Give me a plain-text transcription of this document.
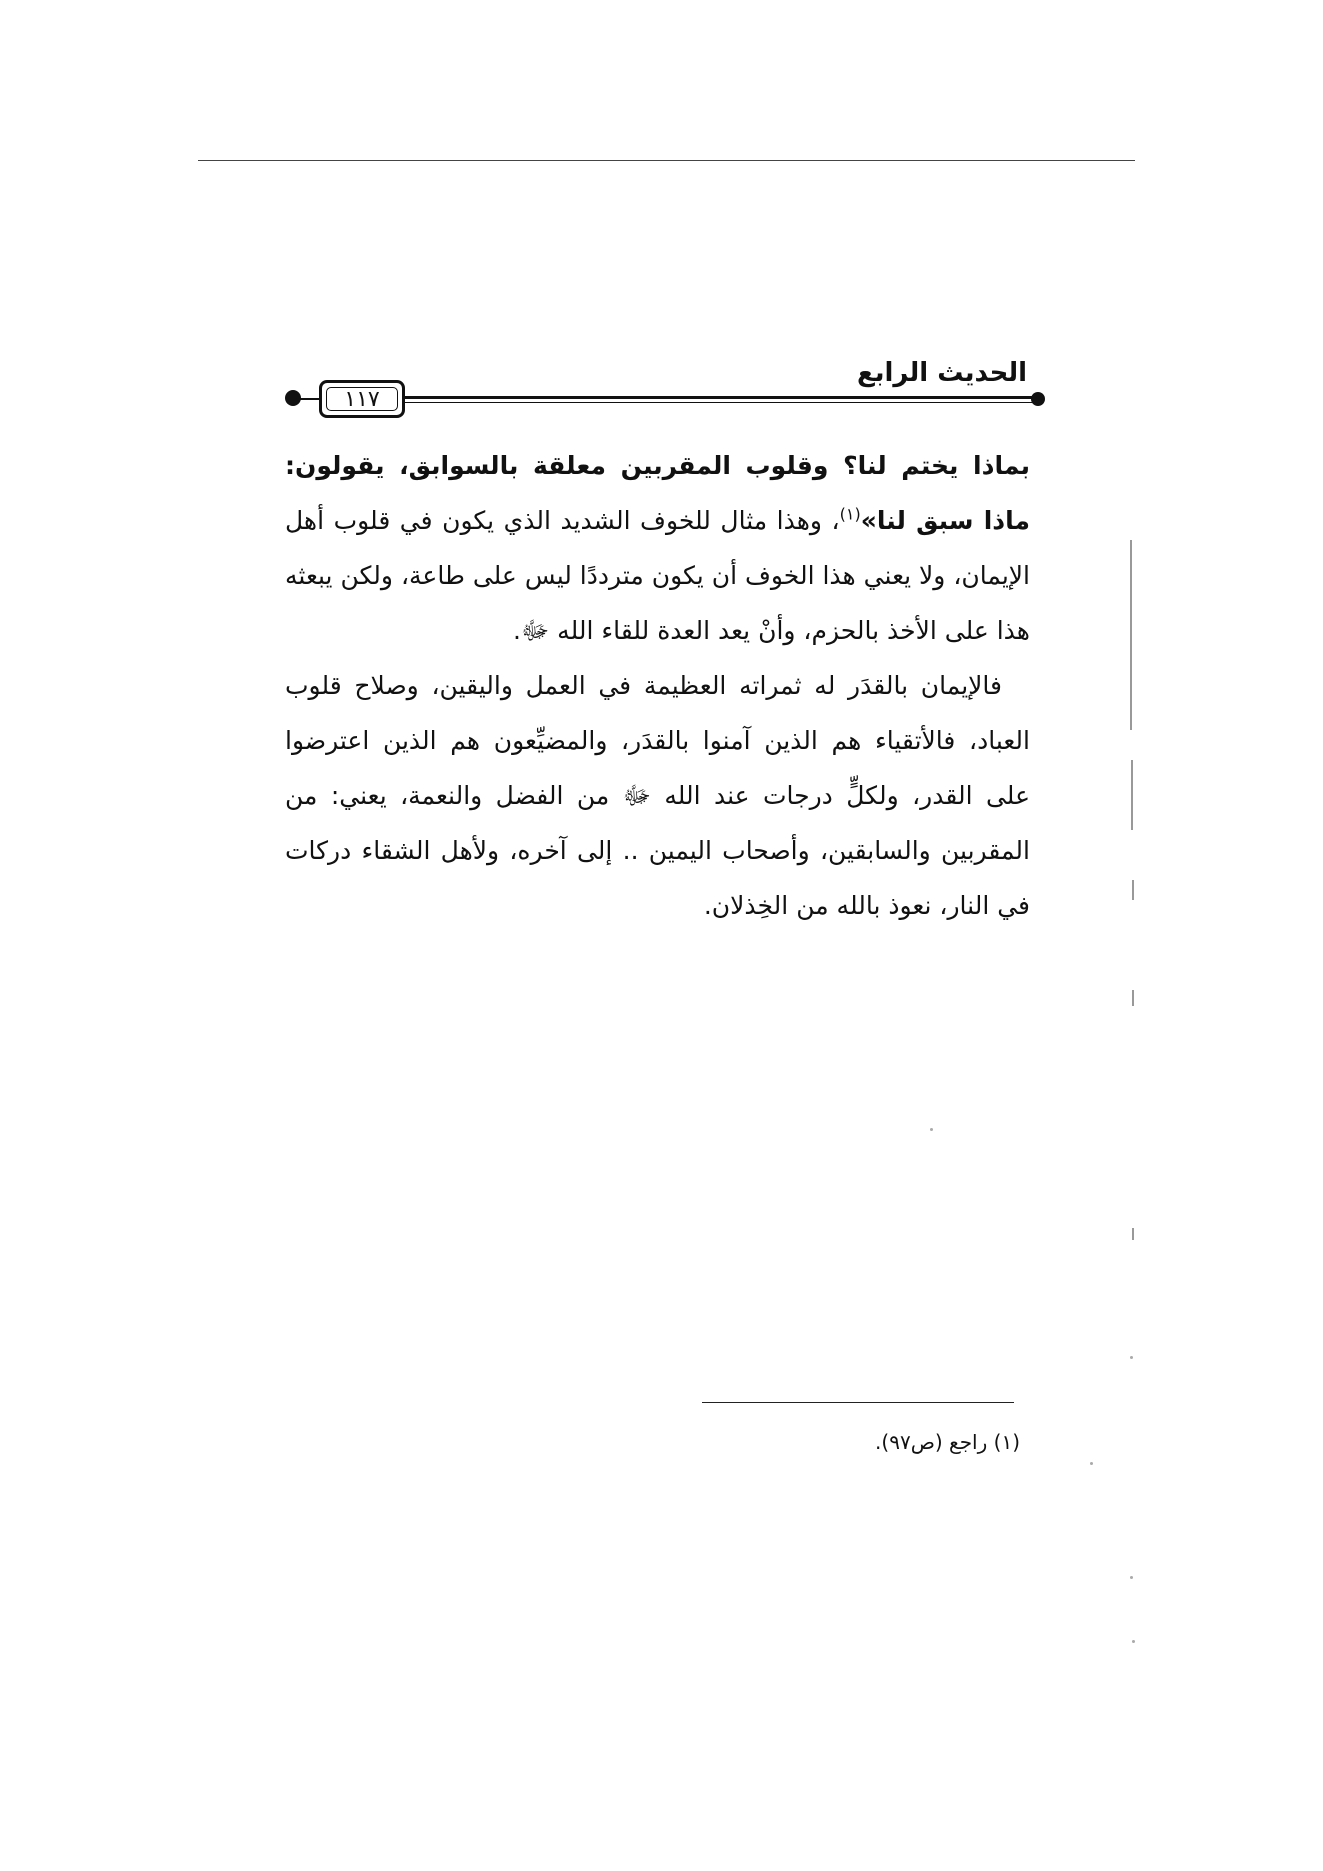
١١٧
الحديث الرابع

بماذا يختم لنا؟ وقلوب المقربين معلقة بالسوابق، يقولون: ماذا سبق لنا»$^{(١)}$، وهذا مثال للخوف الشديد الذي يكون في قلوب أهل الإيمان، ولا يعني هذا الخوف أن يكون مترددًا ليس على طاعة، ولكن يبعثه هذا على الأخذ بالحزم، وأنْ يعد العدة للقاء الله ﷻ.

فالإيمان بالقدَر له ثمراته العظيمة في العمل واليقين، وصلاح قلوب العباد، فالأتقياء هم الذين آمنوا بالقدَر، والمضيِّعون هم الذين اعترضوا على القدر، ولكلٍّ درجات عند الله ﷻ من الفضل والنعمة، يعني: من المقربين والسابقين، وأصحاب اليمين .. إلى آخره، ولأهل الشقاء دركات في النار، نعوذ بالله من الخِذلان.

(١) راجع (ص٩٧).
